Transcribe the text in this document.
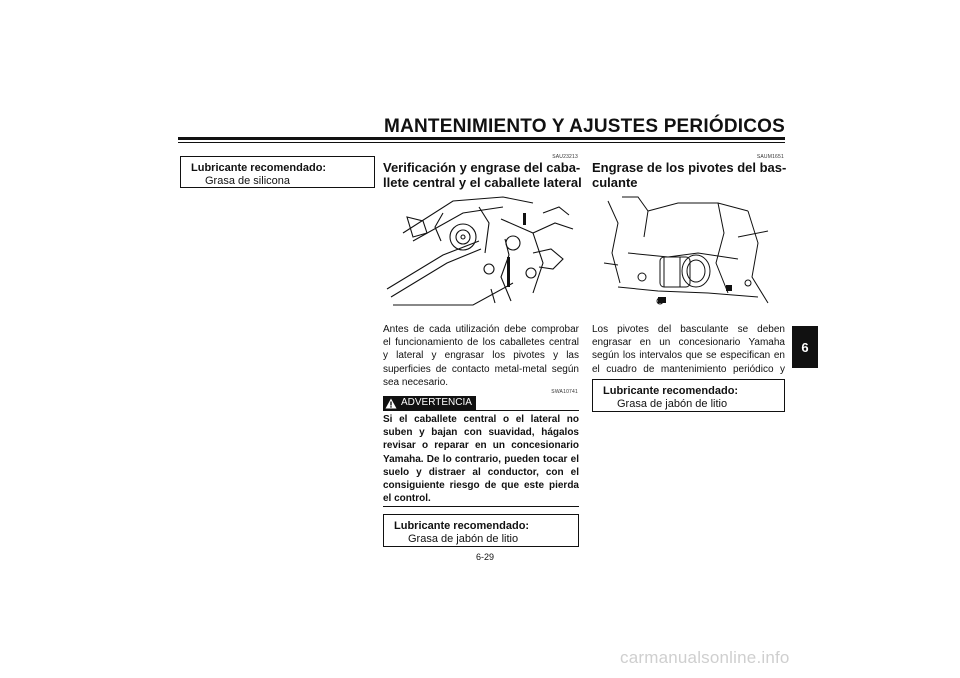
MANTENIMIENTO Y AJUSTES PERIÓDICOS
Lubricante recomendado:
Grasa de silicona
SAU23213
Verificación y engrase del caba-
llete central y el caballete lateral
Antes de cada utilización debe comprobar el funcionamiento de los caballetes central y lateral y engrasar los pivotes y las superficies de contacto metal-metal según sea necesario.
ADVERTENCIA
SWA10741
Si el caballete central o el lateral no suben y bajan con suavidad, hágalos revisar o reparar en un concesionario Yamaha. De lo contrario, pueden tocar el suelo y distraer al conductor, con el consiguiente riesgo de que este pierda el control.
Lubricante recomendado:
Grasa de jabón de litio
SAUM1651
Engrase de los pivotes del bas-
culante
Los pivotes del basculante se deben engrasar en un concesionario Yamaha según los intervalos que se especifican en el cuadro de mantenimiento periódico y
Lubricante recomendado:
Grasa de jabón de litio
6
6-29
carmanualsonline.info
